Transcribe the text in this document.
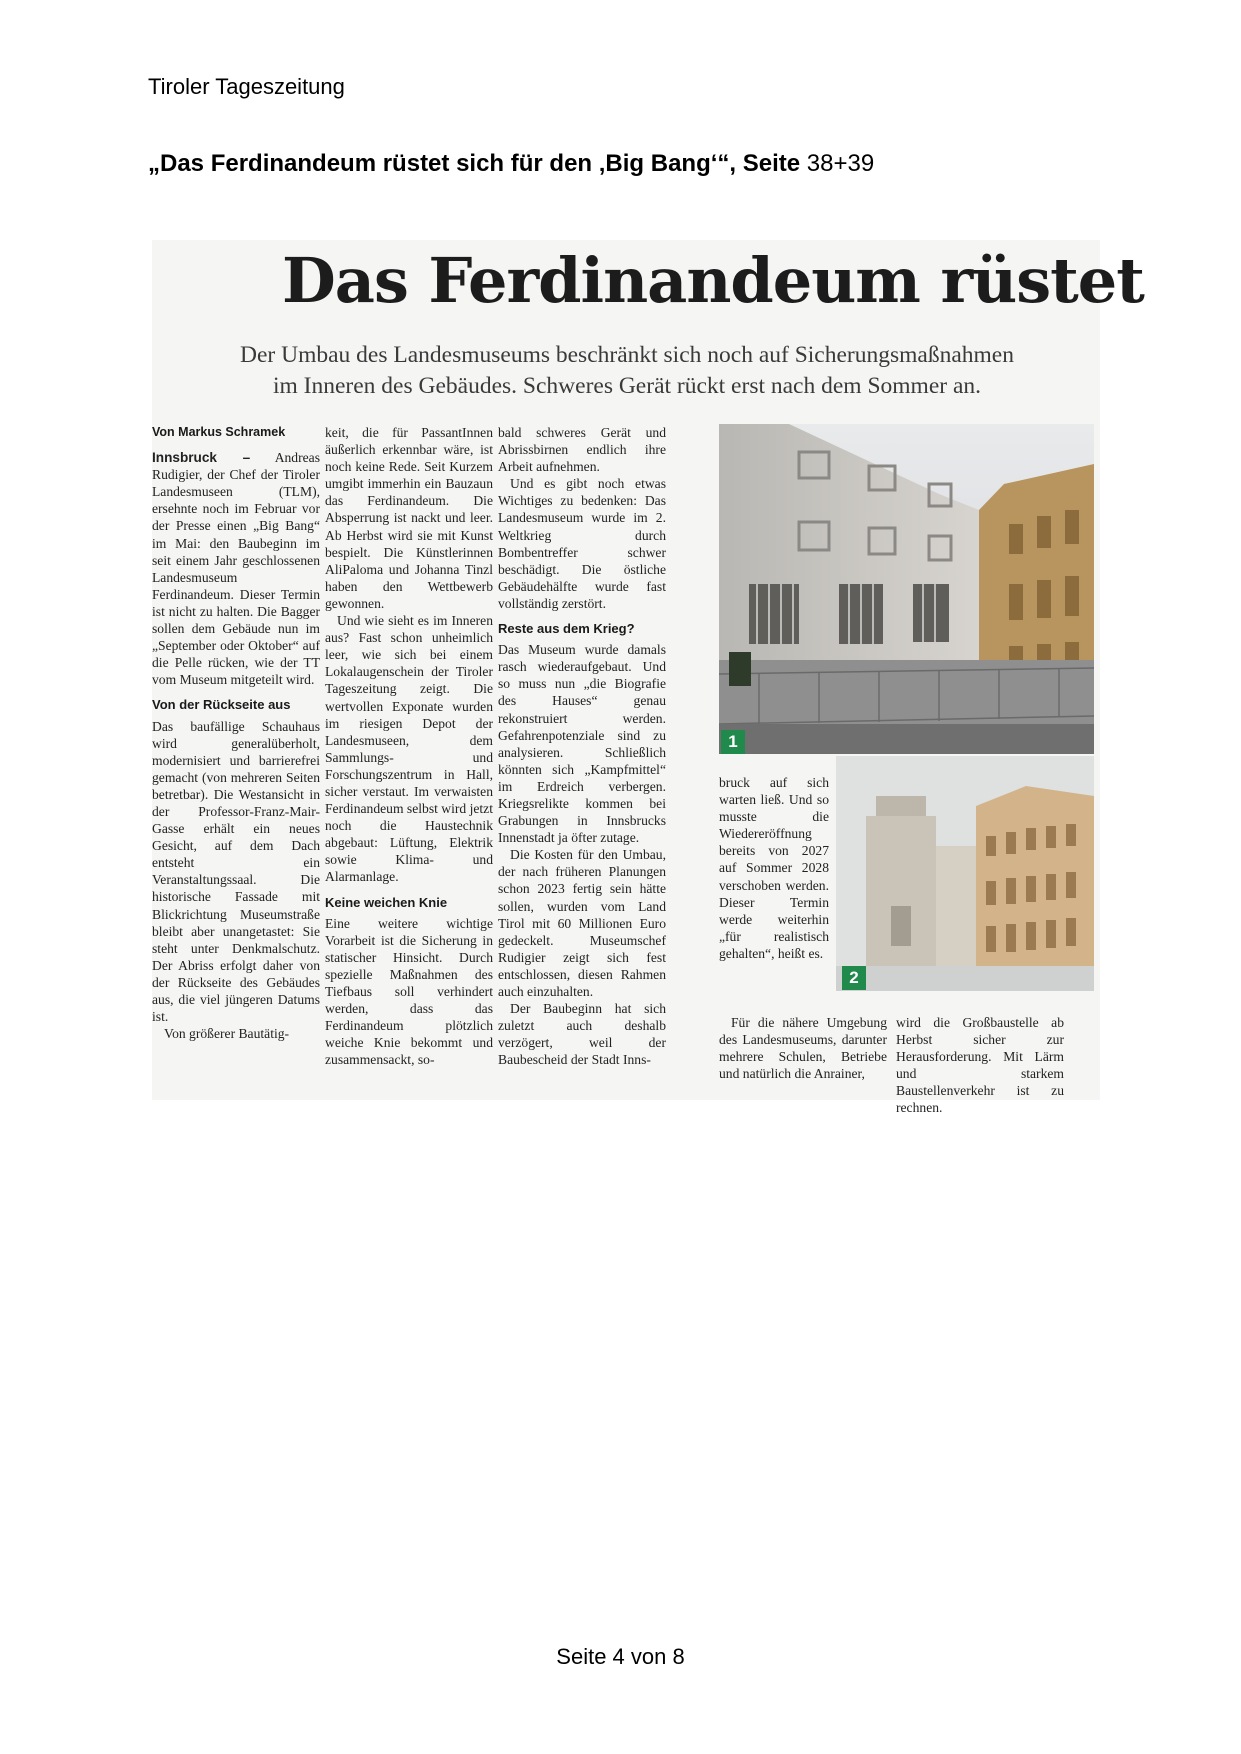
Tiroler Tageszeitung
„Das Ferdinandeum rüstet sich für den ‚Big Bang‘“, Seite 38+39
Das Ferdinandeum rüstet
Der Umbau des Landesmuseums beschränkt sich noch auf Sicherungsmaßnahmen
im Inneren des Gebäudes. Schweres Gerät rückt erst nach dem Sommer an.

Von Markus Schramek

Innsbruck – Andreas Rudigier, der Chef der Tiroler Landesmuseen (TLM), ersehnte noch im Februar vor der Presse einen „Big Bang“ im Mai: den Baubeginn im seit einem Jahr geschlossenen Landesmuseum Ferdinandeum. Dieser Termin ist nicht zu halten. Die Bagger sollen dem Gebäude nun im „September oder Oktober“ auf die Pelle rücken, wie der TT vom Museum mitgeteilt wird.

Von der Rückseite aus

Das baufällige Schauhaus wird generalüberholt, modernisiert und barrierefrei gemacht (von mehreren Seiten betretbar). Die Westansicht in der Professor-Franz-Mair-Gasse erhält ein neues Gesicht, auf dem Dach entsteht ein Veranstaltungssaal. Die historische Fassade mit Blickrichtung Museumstraße bleibt aber unangetastet: Sie steht unter Denkmalschutz. Der Abriss erfolgt daher von der Rückseite des Gebäudes aus, die viel jüngeren Datums ist.

Von größerer Bautätig-

keit, die für PassantInnen äußerlich erkennbar wäre, ist noch keine Rede. Seit Kurzem umgibt immerhin ein Bauzaun das Ferdinandeum. Die Absperrung ist nackt und leer. Ab Herbst wird sie mit Kunst bespielt. Die Künstlerinnen AliPaloma und Johanna Tinzl haben den Wettbewerb gewonnen.

Und wie sieht es im Inneren aus? Fast schon unheimlich leer, wie sich bei einem Lokalaugenschein der Tiroler Tageszeitung zeigt. Die wertvollen Exponate wurden im riesigen Depot der Landesmuseen, dem Sammlungs- und Forschungszentrum in Hall, sicher verstaut. Im verwaisten Ferdinandeum selbst wird jetzt noch die Haustechnik abgebaut: Lüftung, Elektrik sowie Klima- und Alarmanlage.

Keine weichen Knie

Eine weitere wichtige Vorarbeit ist die Sicherung in statischer Hinsicht. Durch spezielle Maßnahmen des Tiefbaus soll verhindert werden, dass das Ferdinandeum plötzlich weiche Knie bekommt und zusammensackt, so-

bald schweres Gerät und Abrissbirnen endlich ihre Arbeit aufnehmen.

Und es gibt noch etwas Wichtiges zu bedenken: Das Landesmuseum wurde im 2. Weltkrieg durch Bombentreffer schwer beschädigt. Die östliche Gebäudehälfte wurde fast vollständig zerstört.

Reste aus dem Krieg?

Das Museum wurde damals rasch wiederaufgebaut. Und so muss nun „die Biografie des Hauses“ genau rekonstruiert werden. Gefahrenpotenziale sind zu analysieren. Schließlich könnten sich „Kampfmittel“ im Erdreich verbergen. Kriegsrelikte kommen bei Grabungen in Innsbrucks Innenstadt ja öfter zutage.

Die Kosten für den Umbau, der nach früheren Planungen schon 2023 fertig sein hätte sollen, wurden vom Land Tirol mit 60 Millionen Euro gedeckelt. Museumschef Rudigier zeigt sich fest entschlossen, diesen Rahmen auch einzuhalten.

Der Baubeginn hat sich zuletzt auch deshalb verzögert, weil der Baubescheid der Stadt Inns-

1
2

bruck auf sich warten ließ. Und so musste die Wiedereröffnung bereits von 2027 auf Sommer 2028 verschoben werden. Dieser Termin werde weiterhin „für realistisch gehalten“, heißt es.

Für die nähere Umgebung des Landesmuseums, darunter mehrere Schulen, Betriebe und natürlich die Anrainer,

wird die Großbaustelle ab Herbst sicher zur Herausforderung. Mit Lärm und starkem Baustellenverkehr ist zu rechnen.

Seite 4 von 8
